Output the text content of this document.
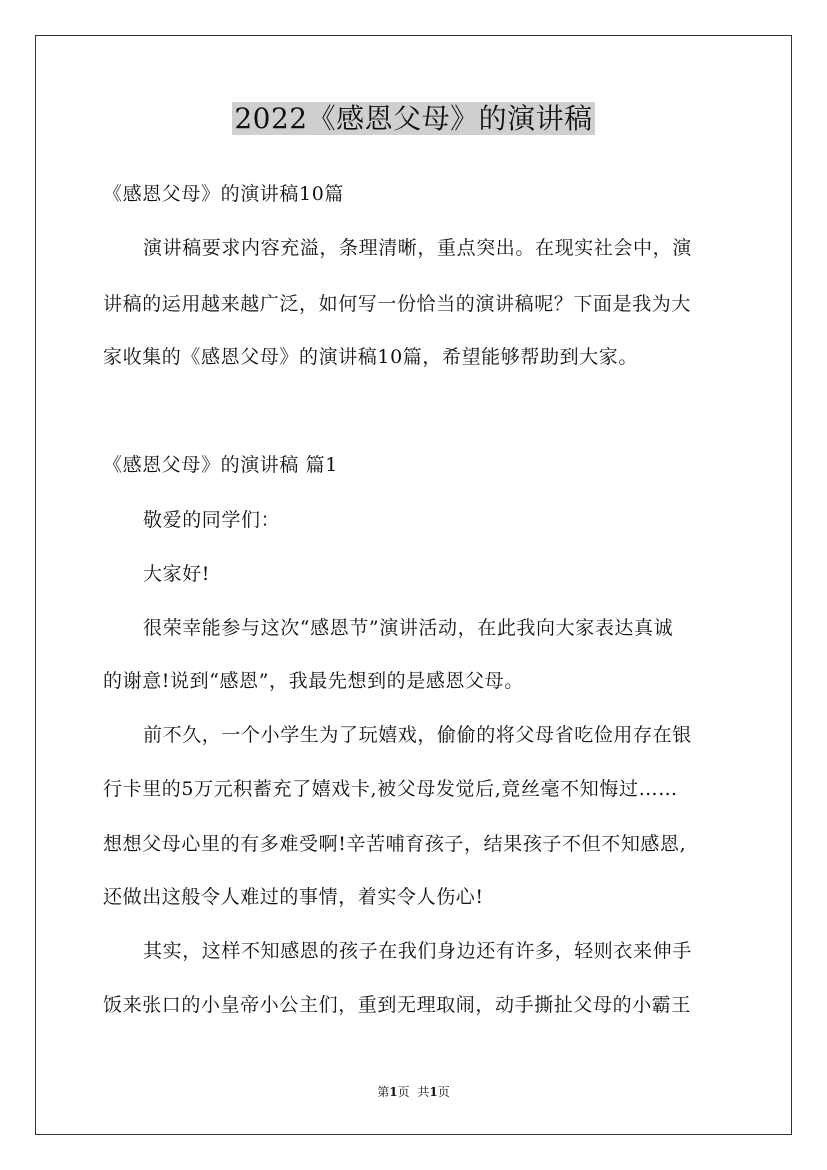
2022《感恩父母》的演讲稿
《感恩父母》的演讲稿10篇
演讲稿要求内容充溢，条理清晰，重点突出。在现实社会中，演
讲稿的运用越来越广泛，如何写一份恰当的演讲稿呢？下面是我为大
家收集的《感恩父母》的演讲稿10篇，希望能够帮助到大家。
《感恩父母》的演讲稿 篇1
敬爱的同学们：
大家好!
很荣幸能参与这次“感恩节”演讲活动，在此我向大家表达真诚
的谢意!说到“感恩”，我最先想到的是感恩父母。
前不久，一个小学生为了玩嬉戏，偷偷的将父母省吃俭用存在银
行卡里的5万元积蓄充了嬉戏卡,被父母发觉后,竟丝毫不知悔过……
想想父母心里的有多难受啊!辛苦哺育孩子，结果孩子不但不知感恩,
还做出这般令人难过的事情，着实令人伤心!
其实，这样不知感恩的孩子在我们身边还有许多，轻则衣来伸手
饭来张口的小皇帝小公主们，重到无理取闹，动手撕扯父母的小霸王
第1页 共1页
